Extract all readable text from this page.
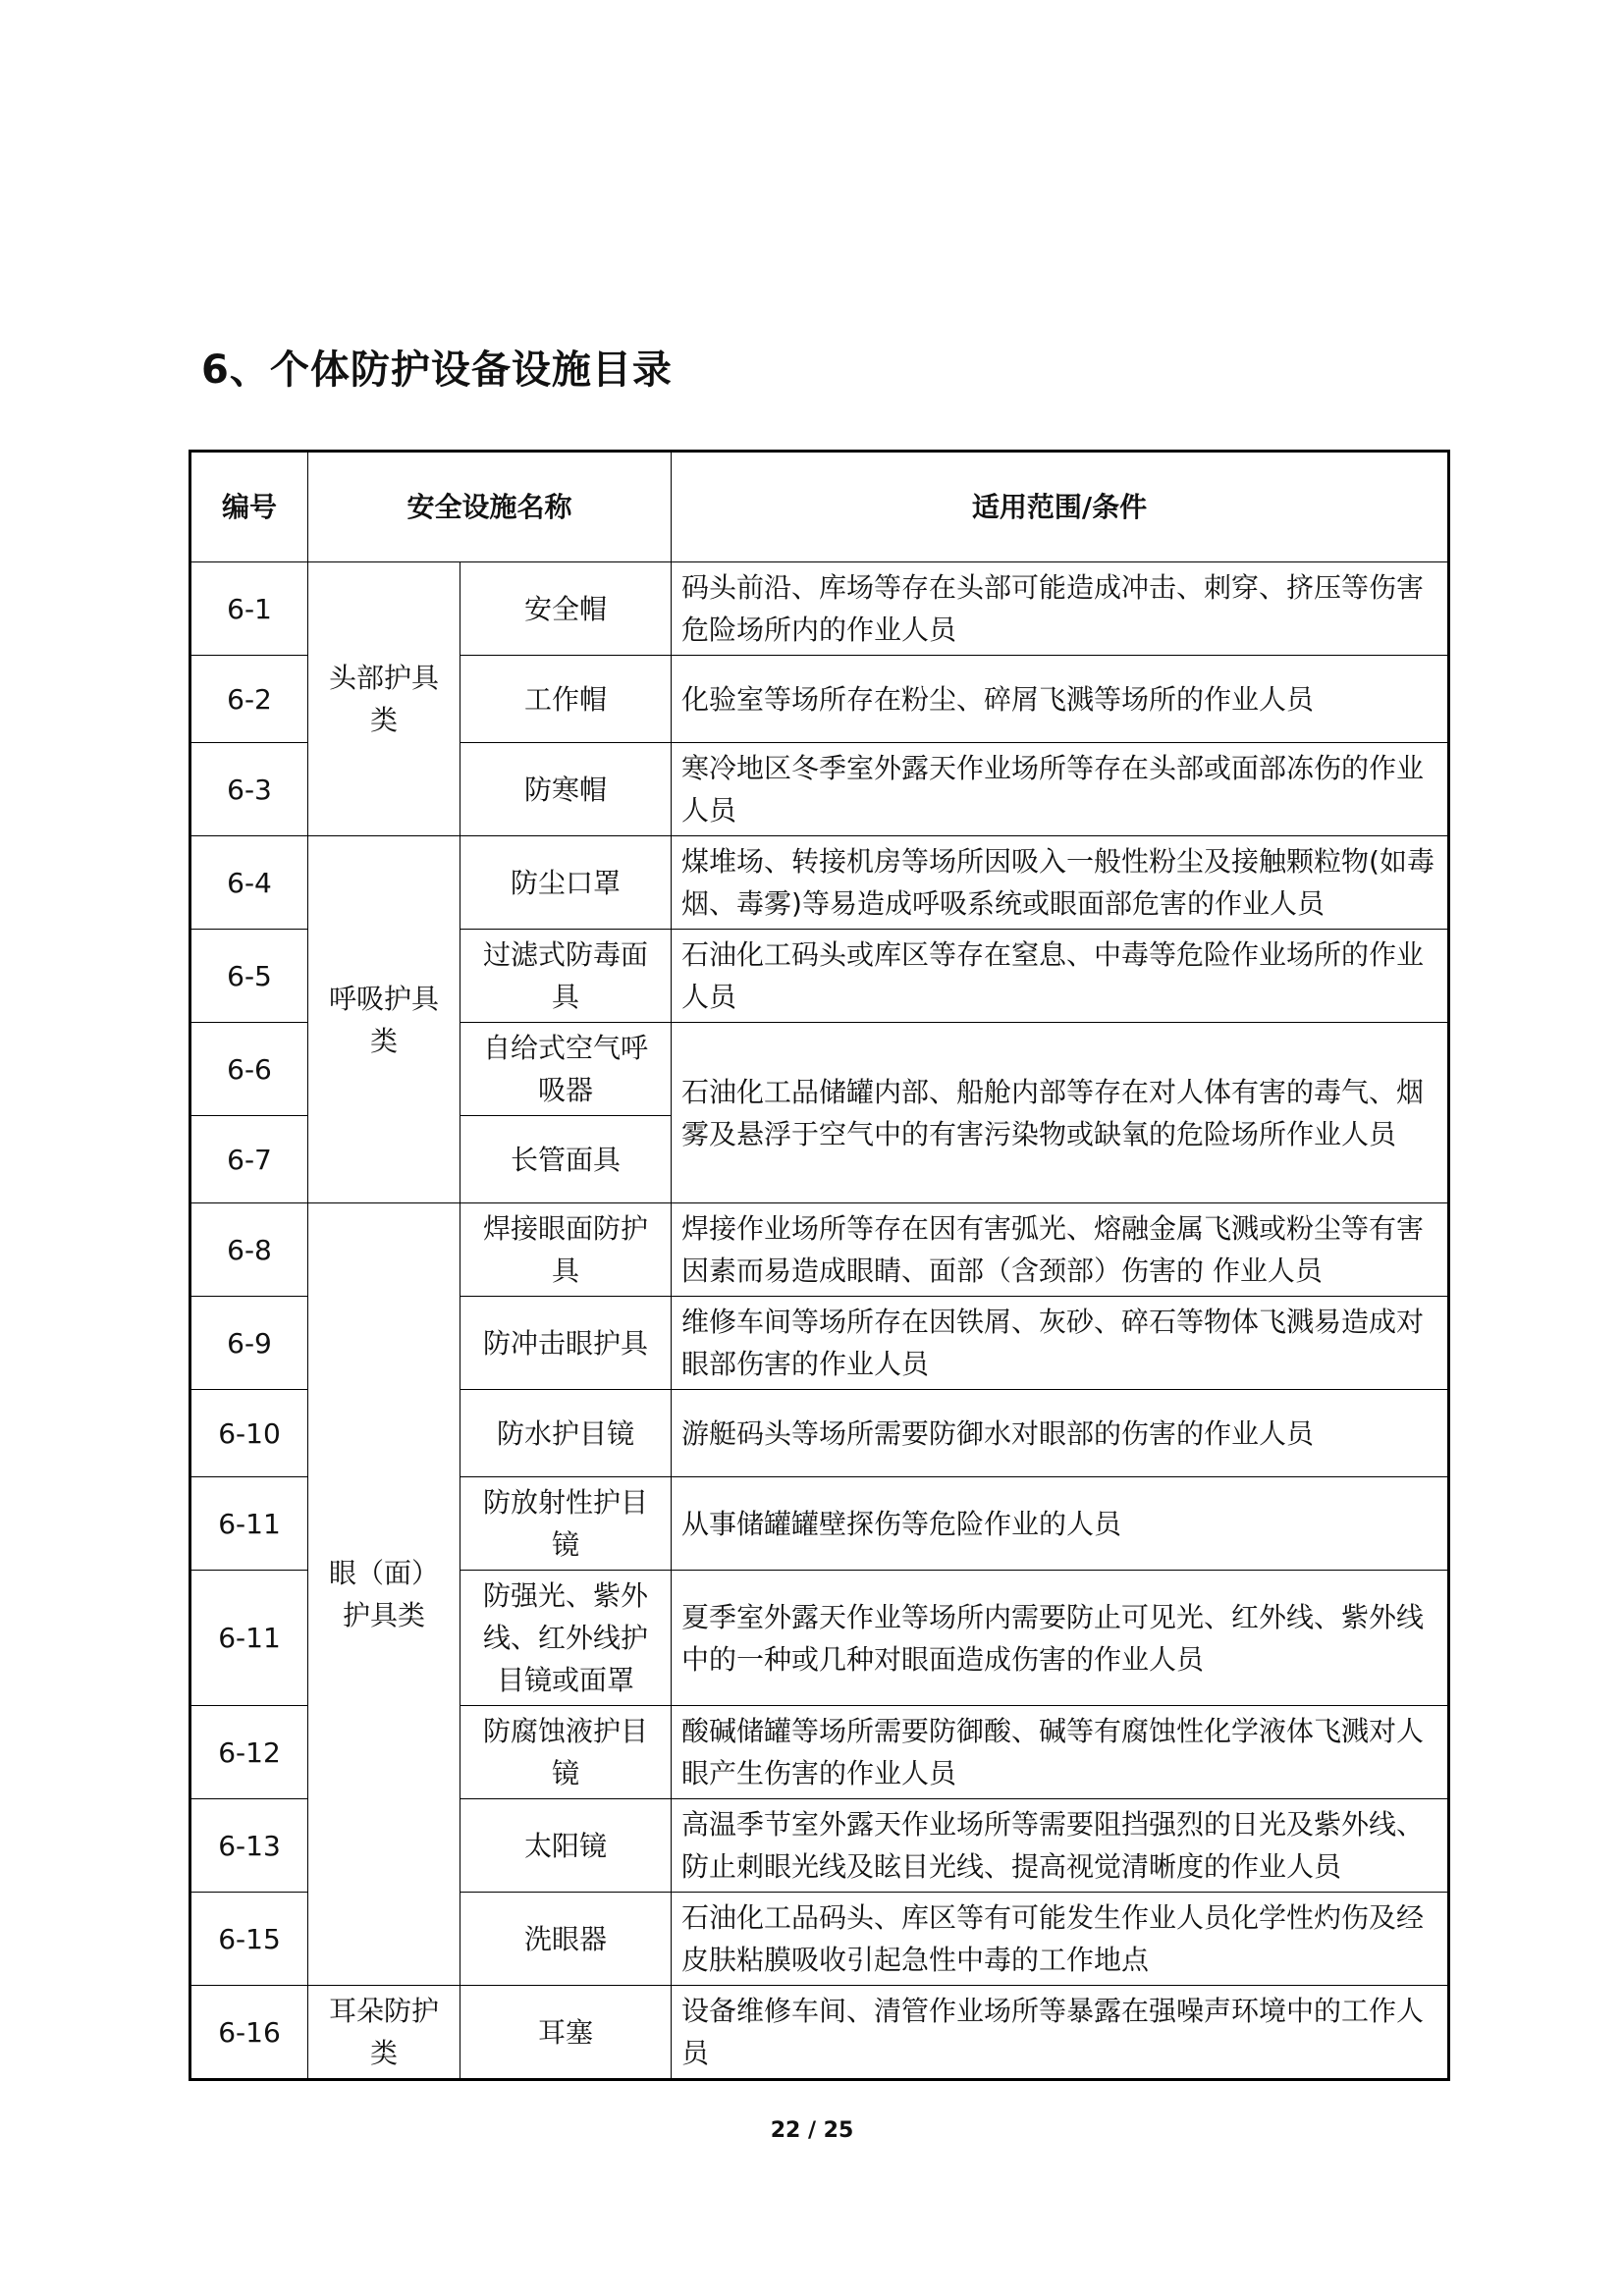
6、个体防护设备设施目录
编号	安全设施名称		适用范围/条件
6-1	头部护具类	安全帽	码头前沿、库场等存在头部可能造成冲击、刺穿、挤压等伤害危险场所内的作业人员
6-2		工作帽	化验室等场所存在粉尘、碎屑飞溅等场所的作业人员
6-3		防寒帽	寒冷地区冬季室外露天作业场所等存在头部或面部冻伤的作业人员
6-4	呼吸护具类	防尘口罩	煤堆场、转接机房等场所因吸入一般性粉尘及接触颗粒物(如毒烟、毒雾)等易造成呼吸系统或眼面部危害的作业人员
6-5		过滤式防毒面具	石油化工码头或库区等存在窒息、中毒等危险作业场所的作业人员
6-6		自给式空气呼吸器	石油化工品储罐内部、船舱内部等存在对人体有害的毒气、烟雾及悬浮于空气中的有害污染物或缺氧的危险场所作业人员
6-7		长管面具	
6-8	眼（面）护具类	焊接眼面防护具	焊接作业场所等存在因有害弧光、熔融金属飞溅或粉尘等有害因素而易造成眼睛、面部（含颈部）伤害的 作业人员
6-9		防冲击眼护具	维修车间等场所存在因铁屑、灰砂、碎石等物体飞溅易造成对眼部伤害的作业人员
6-10		防水护目镜	游艇码头等场所需要防御水对眼部的伤害的作业人员
6-11		防放射性护目镜	从事储罐罐壁探伤等危险作业的人员
6-11		防强光、紫外线、红外线护目镜或面罩	夏季室外露天作业等场所内需要防止可见光、红外线、紫外线中的一种或几种对眼面造成伤害的作业人员
6-12		防腐蚀液护目镜	酸碱储罐等场所需要防御酸、碱等有腐蚀性化学液体飞溅对人眼产生伤害的作业人员
6-13		太阳镜	高温季节室外露天作业场所等需要阻挡强烈的日光及紫外线、防止刺眼光线及眩目光线、提高视觉清晰度的作业人员
6-15		洗眼器	石油化工品码头、库区等有可能发生作业人员化学性灼伤及经皮肤粘膜吸收引起急性中毒的工作地点
6-16	耳朵防护类	耳塞	设备维修车间、清管作业场所等暴露在强噪声环境中的工作人员
22 / 25
